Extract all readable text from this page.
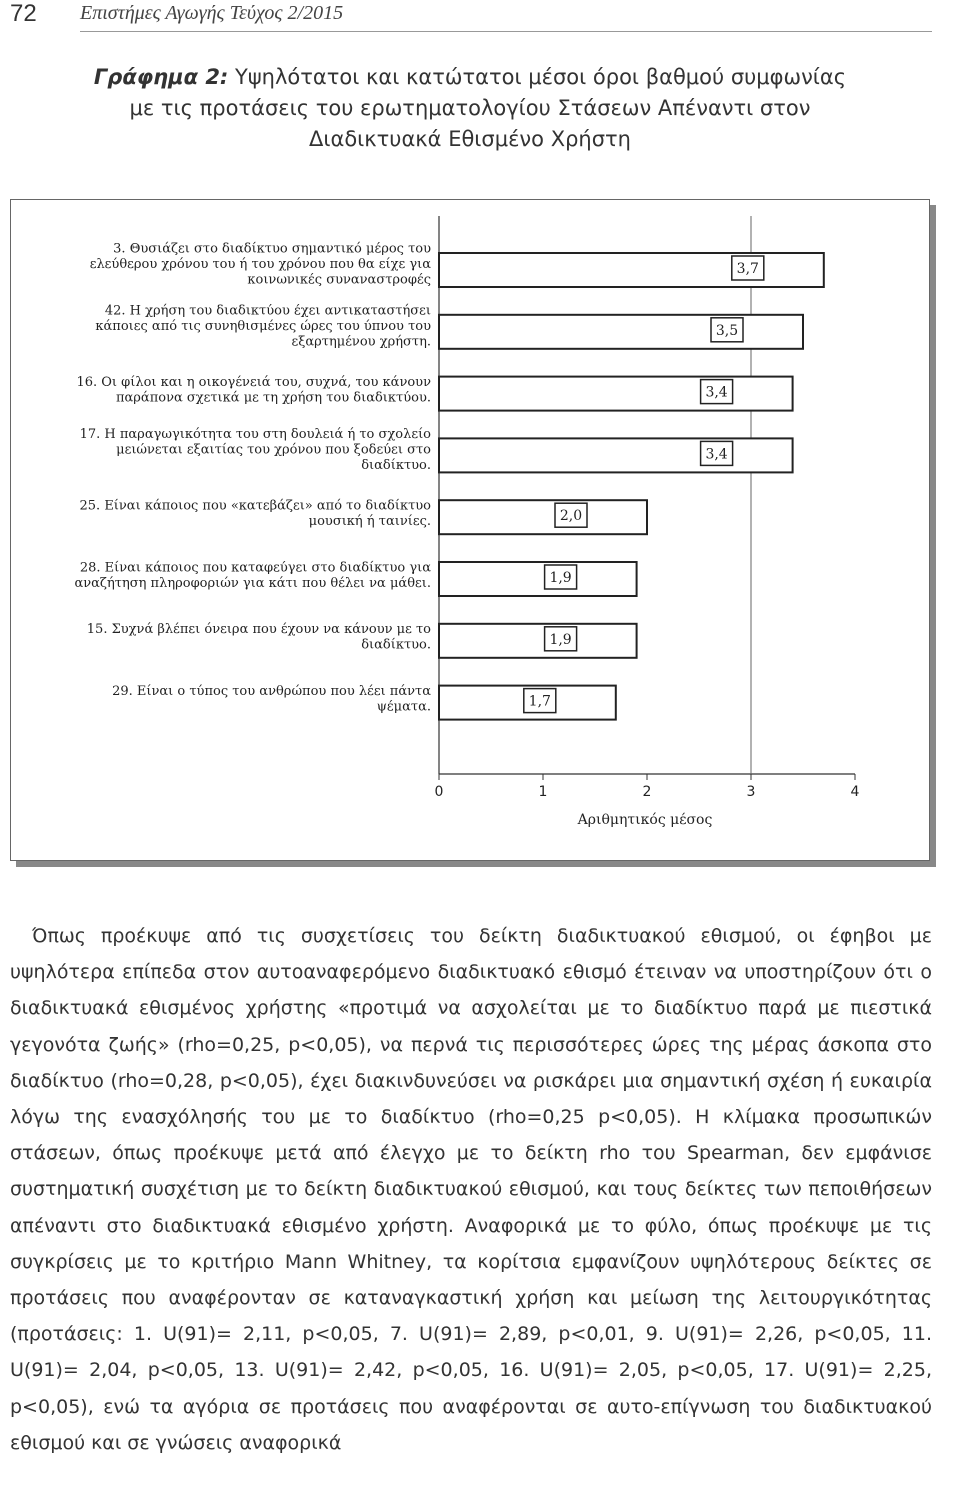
72 Επιστήμες Αγωγής Τεύχος 2/2015
Γράφημα 2: Υψηλότατοι και κατώτατοι μέσοι όροι βαθμού συμφωνίας με τις προτάσεις του ερωτηματολογίου Στάσεων Απέναντι στον Διαδικτυακά Εθισμένο Χρήστη
0	1	2	3	4
Αριθμητικός μέσος
3,7
3. Θυσιάζει στο διαδίκτυο σημαντικό μέρος του
ελεύθερου χρόνου του ή του χρόνου που θα είχε για
κοινωνικές συναναστροφές
3,5
42. Η χρήση του διαδικτύου έχει αντικαταστήσει
κάποιες από τις συνηθισμένες ώρες του ύπνου του
εξαρτημένου χρήστη.
3,4
16. Οι φίλοι και η οικογένειά του, συχνά, του κάνουν
παράπονα σχετικά με τη χρήση του διαδικτύου.
3,4
17. Η παραγωγικότητα του στη δουλειά ή το σχολείο
μειώνεται εξαιτίας του χρόνου που ξοδεύει στο
διαδίκτυο.
2,0
25. Είναι κάποιος που «κατεβάζει» από το διαδίκτυο
μουσική ή ταινίες.
1,9
28. Είναι κάποιος που καταφεύγει στο διαδίκτυο για
αναζήτηση πληροφοριών για κάτι που θέλει να μάθει.
1,9
15. Συχνά βλέπει όνειρα που έχουν να κάνουν με το
διαδίκτυο.
1,7
29. Είναι ο τύπος του ανθρώπου που λέει πάντα
ψέματα.

Όπως προέκυψε από τις συσχετίσεις του δείκτη διαδικτυακού εθισμού, οι έφηβοι με υψηλότερα επίπεδα στον αυτοαναφερόμενο διαδικτυακό εθισμό έτειναν να υποστηρίζουν ότι ο διαδικτυακά εθισμένος χρήστης «προτιμά να ασχολείται με το διαδίκτυο παρά με πιεστικά γεγονότα ζωής» (rho=0,25, p<0,05), να περνά τις περισσότερες ώρες της μέρας άσκοπα στο διαδίκτυο (rho=0,28, p<0,05), έχει διακινδυνεύσει να ρισκάρει μια σημαντική σχέση ή ευκαιρία λόγω της ενασχόλησής του με το διαδίκτυο (rho=0,25 p<0,05). Η κλίμακα προσωπικών στάσεων, όπως προέκυψε μετά από έλεγχο με το δείκτη rho του Spearman, δεν εμφάνισε συστηματική συσχέτιση με το δείκτη διαδικτυακού εθισμού, και τους δείκτες των πεποιθήσεων απέναντι στο διαδικτυακά εθισμένο χρήστη. Αναφορικά με το φύλο, όπως προέκυψε με τις συγκρίσεις με το κριτήριο Mann Whitney, τα κορίτσια εμφανίζουν υψηλότερους δείκτες σε προτάσεις που αναφέρονταν σε καταναγκαστική χρήση και μείωση της λειτουργικότητας (προτάσεις: 1. U(91)= 2,11, p<0,05, 7. U(91)= 2,89, p<0,01, 9. U(91)= 2,26, p<0,05, 11. U(91)= 2,04, p<0,05, 13. U(91)= 2,42, p<0,05, 16. U(91)= 2,05, p<0,05, 17. U(91)= 2,25, p<0,05), ενώ τα αγόρια σε προτάσεις που αναφέρονται σε αυτο-επίγνωση του διαδικτυακού εθισμού και σε γνώσεις αναφορικά
